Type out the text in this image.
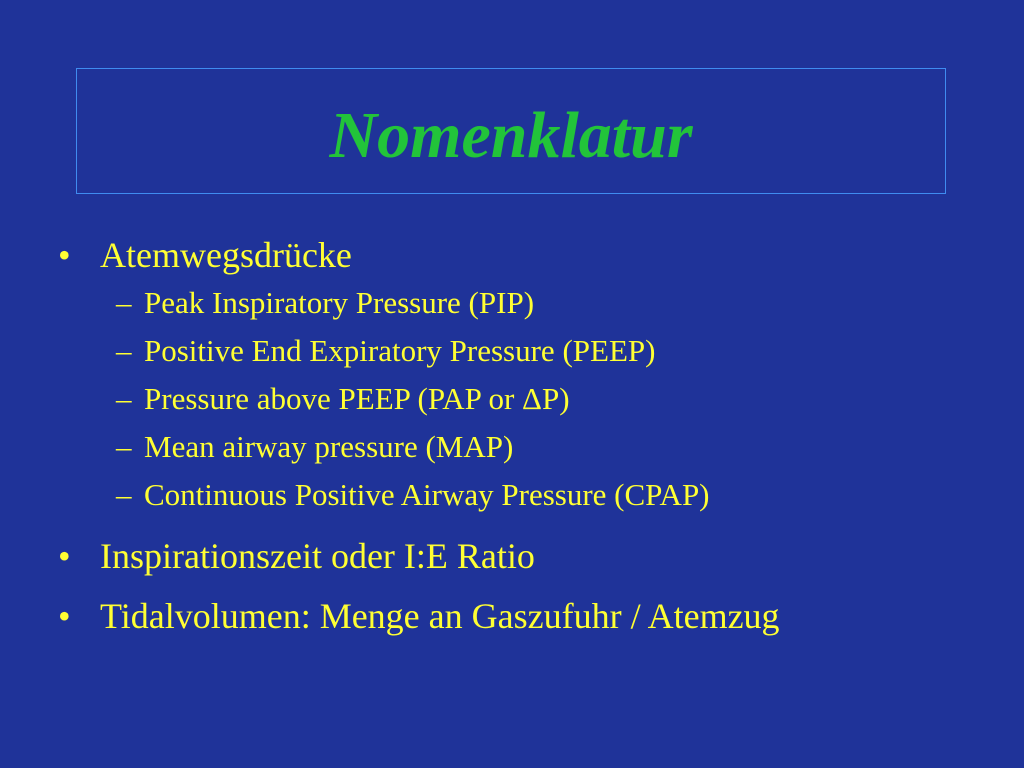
Nomenklatur
• Atemwegsdrücke
– Peak Inspiratory Pressure (PIP)
– Positive End Expiratory Pressure (PEEP)
– Pressure above PEEP (PAP or ΔP)
– Mean airway pressure (MAP)
– Continuous Positive Airway Pressure (CPAP)
• Inspirationszeit oder I:E Ratio
• Tidalvolumen: Menge an Gaszufuhr / Atemzug
